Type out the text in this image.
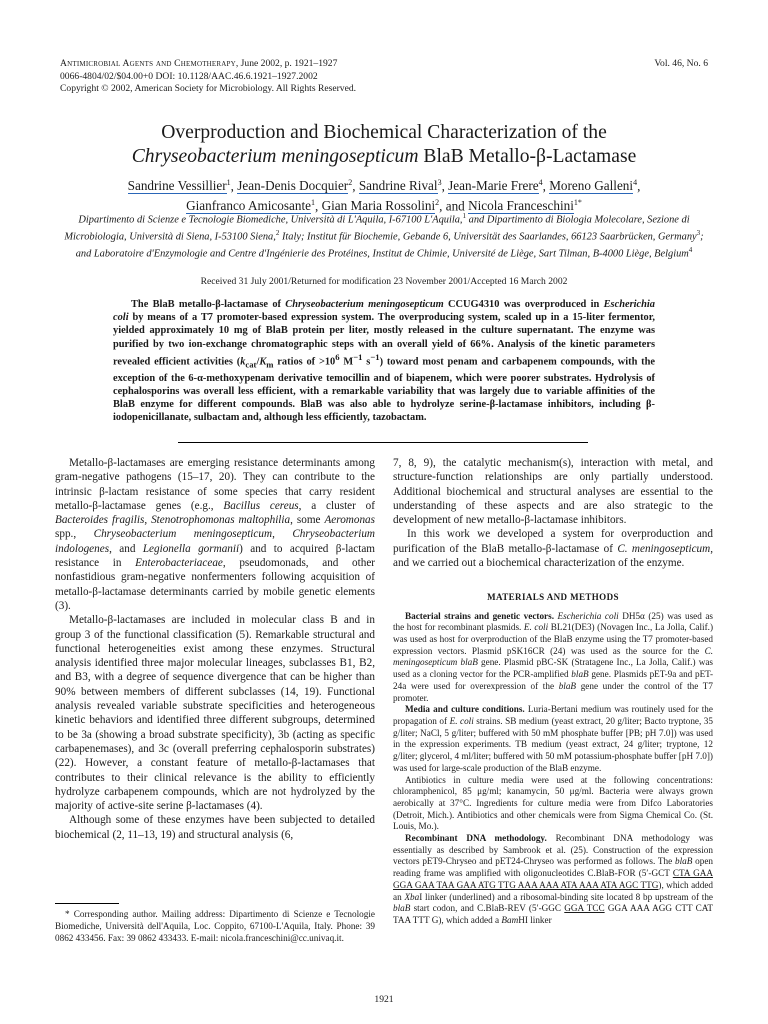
Antimicrobial Agents and Chemotherapy, June 2002, p. 1921–1927
0066-4804/02/$04.00+0 DOI: 10.1128/AAC.46.6.1921–1927.2002
Copyright © 2002, American Society for Microbiology. All Rights Reserved.
Vol. 46, No. 6
Overproduction and Biochemical Characterization of the
Chryseobacterium meningosepticum BlaB Metallo-β-Lactamase
Sandrine Vessillier$^1$, Jean-Denis Docquier$^2$, Sandrine Rival$^3$, Jean-Marie Frere$^4$, Moreno Galleni$^4$,
Gianfranco Amicosante$^1$, Gian Maria Rossolini$^2$, and Nicola Franceschini$^{1*}$
Dipartimento di Scienze e Tecnologie Biomediche, Università di L'Aquila, I-67100 L'Aquila,$^1$ and Dipartimento di Biologia Molecolare, Sezione di Microbiologia, Università di Siena, I-53100 Siena,$^2$ Italy; Institut für Biochemie, Gebande 6, Universität des Saarlandes, 66123 Saarbrücken, Germany$^3$; and Laboratoire d'Enzymologie and Centre d'Ingénierie des Protéines, Institut de Chimie, Université de Liège, Sart Tilman, B-4000 Liège, Belgium$^4$
Received 31 July 2001/Returned for modification 23 November 2001/Accepted 16 March 2002
The BlaB metallo-β-lactamase of Chryseobacterium meningosepticum CCUG4310 was overproduced in Escherichia coli by means of a T7 promoter-based expression system. The overproducing system, scaled up in a 15-liter fermentor, yielded approximately 10 mg of BlaB protein per liter, mostly released in the culture supernatant. The enzyme was purified by two ion-exchange chromatographic steps with an overall yield of 66%. Analysis of the kinetic parameters revealed efficient activities ($k_{cat}/K_m$ ratios of $>10^6$ $M^{-1}$ $s^{-1}$) toward most penam and carbapenem compounds, with the exception of the 6-α-methoxypenam derivative temocillin and of biapenem, which were poorer substrates. Hydrolysis of cephalosporins was overall less efficient, with a remarkable variability that was largely due to variable affinities of the BlaB enzyme for different compounds. BlaB was also able to hydrolyze serine-β-lactamase inhibitors, including β-iodopenicillanate, sulbactam and, although less efficiently, tazobactam.

Metallo-β-lactamases are emerging resistance determinants among gram-negative pathogens (15–17, 20). They can contribute to the intrinsic β-lactam resistance of some species that carry resident metallo-β-lactamase genes (e.g., Bacillus cereus, a cluster of Bacteroides fragilis, Stenotrophomonas maltophilia, some Aeromonas spp., Chryseobacterium meningosepticum, Chryseobacterium indologenes, and Legionella gormanii) and to acquired β-lactam resistance in Enterobacteriaceae, pseudomonads, and other nonfastidious gram-negative nonfermenters following acquisition of metallo-β-lactamase determinants carried by mobile genetic elements (3).

Metallo-β-lactamases are included in molecular class B and in group 3 of the functional classification (5). Remarkable structural and functional heterogeneities exist among these enzymes. Structural analysis identified three major molecular lineages, subclasses B1, B2, and B3, with a degree of sequence divergence that can be higher than 90% between members of different subclasses (14, 19). Functional analysis revealed variable substrate specificities and heterogeneous kinetic behaviors and identified three different subgroups, determined to be 3a (showing a broad substrate specificity), 3b (acting as specific carbapenemases), and 3c (overall preferring cephalosporin substrates) (22). However, a constant feature of metallo-β-lactamases that contributes to their clinical relevance is the ability to efficiently hydrolyze carbapenem compounds, which are not hydrolyzed by the majority of active-site serine β-lactamases (4).

Although some of these enzymes have been subjected to detailed biochemical (2, 11–13, 19) and structural analysis (6,

* Corresponding author. Mailing address: Dipartimento di Scienze e Tecnologie Biomediche, Università dell'Aquila, Loc. Coppito, 67100-L'Aquila, Italy. Phone: 39 0862 433456. Fax: 39 0862 433433. E-mail: nicola.franceschini@cc.univaq.it.

7, 8, 9), the catalytic mechanism(s), interaction with metal, and structure-function relationships are only partially understood. Additional biochemical and structural analyses are essential to the understanding of these aspects and are also strategic to the development of new metallo-β-lactamase inhibitors.

In this work we developed a system for overproduction and purification of the BlaB metallo-β-lactamase of C. meningosepticum, and we carried out a biochemical characterization of the enzyme.

MATERIALS AND METHODS

Bacterial strains and genetic vectors. Escherichia coli DH5α (25) was used as the host for recombinant plasmids. E. coli BL21(DE3) (Novagen Inc., La Jolla, Calif.) was used as host for overproduction of the BlaB enzyme using the T7 promoter-based expression vectors. Plasmid pSK16CR (24) was used as the source for the C. meningosepticum blaB gene. Plasmid pBC-SK (Stratagene Inc., La Jolla, Calif.) was used as a cloning vector for the PCR-amplified blaB gene. Plasmids pET-9a and pET-24a were used for overexpression of the blaB gene under the control of the T7 promoter.

Media and culture conditions. Luria-Bertani medium was routinely used for the propagation of E. coli strains. SB medium (yeast extract, 20 g/liter; Bacto tryptone, 35 g/liter; NaCl, 5 g/liter; buffered with 50 mM phosphate buffer [PB; pH 7.0]) was used in the expression experiments. TB medium (yeast extract, 24 g/liter; tryptone, 12 g/liter; glycerol, 4 ml/liter; buffered with 50 mM potassium-phosphate buffer [pH 7.0]) was used for large-scale production of the BlaB enzyme.

Antibiotics in culture media were used at the following concentrations: chloramphenicol, 85 μg/ml; kanamycin, 50 μg/ml. Bacteria were always grown aerobically at 37°C. Ingredients for culture media were from Difco Laboratories (Detroit, Mich.). Antibiotics and other chemicals were from Sigma Chemical Co. (St. Louis, Mo.).

Recombinant DNA methodology. Recombinant DNA methodology was essentially as described by Sambrook et al. (25). Construction of the expression vectors pET9-Chryseo and pET24-Chryseo was performed as follows. The blaB open reading frame was amplified with oligonucleotides C.BlaB-FOR (5′-GCT CTA GAA GGA GAA TAA GAA ATG TTG AAA AAA ATA AAA ATA AGC TTG), which added an XbaI linker (underlined) and a ribosomal-binding site located 8 bp upstream of the blaB start codon, and C.BlaB-REV (5′-GGC GGA TCC GGA AAA AGG CTT CAT TAA TTT G), which added a BamHI linker

1921
